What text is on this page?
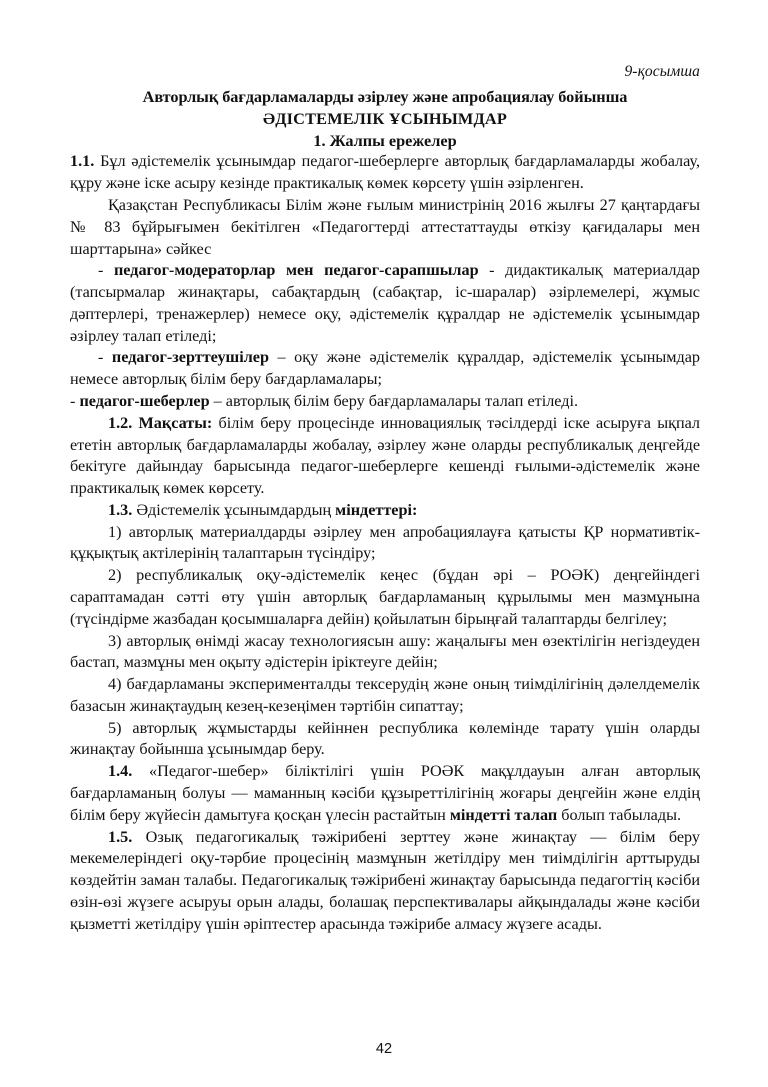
9-қосымша
Авторлық бағдарламаларды әзірлеу және апробациялау бойынша
ӘДІСТЕМЕЛІК ҰСЫНЫМДАР
1. Жалпы ережелер

1.1. Бұл әдістемелік ұсынымдар педагог-шеберлерге авторлық бағдарламаларды жобалау, құру және іске асыру кезінде практикалық көмек көрсету үшін әзірленген.

Қазақстан Республикасы Білім және ғылым министрінің 2016 жылғы 27 қаңтардағы № 83 бұйрығымен бекітілген «Педагогтерді аттестаттауды өткізу қағидалары мен шарттарына» сәйкес

- педагог-модераторлар мен педагог-сарапшылар - дидактикалық материалдар (тапсырмалар жинақтары, сабақтардың (сабақтар, іс-шаралар) әзірлемелері, жұмыс дәптерлері, тренажерлер) немесе оқу, әдістемелік құралдар не әдістемелік ұсынымдар әзірлеу талап етіледі;

- педагог-зерттеушілер – оқу және әдістемелік құралдар, әдістемелік ұсынымдар немесе авторлық білім беру бағдарламалары;

- педагог-шеберлер – авторлық білім беру бағдарламалары талап етіледі.

1.2. Мақсаты: білім беру процесінде инновациялық тәсілдерді іске асыруға ықпал ететін авторлық бағдарламаларды жобалау, әзірлеу және оларды республикалық деңгейде бекітуге дайындау барысында педагог-шеберлерге кешенді ғылыми-әдістемелік және практикалық көмек көрсету.

1.3. Әдістемелік ұсынымдардың міндеттері:

1) авторлық материалдарды әзірлеу мен апробациялауға қатысты ҚР нормативтік-құқықтық актілерінің талаптарын түсіндіру;

2) республикалық оқу-әдістемелік кеңес (бұдан әрі – РОӘК) деңгейіндегі сараптамадан сәтті өту үшін авторлық бағдарламаның құрылымы мен мазмұнына (түсіндірме жазбадан қосымшаларға дейін) қойылатын бірыңғай талаптарды белгілеу;

3) авторлық өнімді жасау технологиясын ашу: жаңалығы мен өзектілігін негіздеуден бастап, мазмұны мен оқыту әдістерін іріктеуге дейін;

4) бағдарламаны эксперименталды тексерудің және оның тиімділігінің дәлелдемелік базасын жинақтаудың кезең-кезеңімен тәртібін сипаттау;

5) авторлық жұмыстарды кейіннен республика көлемінде тарату үшін оларды жинақтау бойынша ұсынымдар беру.

1.4. «Педагог-шебер» біліктілігі үшін РОӘК мақұлдауын алған авторлық бағдарламаның болуы — маманның кәсіби құзыреттілігінің жоғары деңгейін және елдің білім беру жүйесін дамытуға қосқан үлесін растайтын міндетті талап болып табылады.

1.5. Озық педагогикалық тәжірибені зерттеу және жинақтау — білім беру мекемелеріндегі оқу-тәрбие процесінің мазмұнын жетілдіру мен тиімділігін арттыруды көздейтін заман талабы. Педагогикалық тәжірибені жинақтау барысында педагогтің кәсіби өзін-өзі жүзеге асыруы орын алады, болашақ перспективалары айқындалады және кәсіби қызметті жетілдіру үшін әріптестер арасында тәжірибе алмасу жүзеге асады.

42
